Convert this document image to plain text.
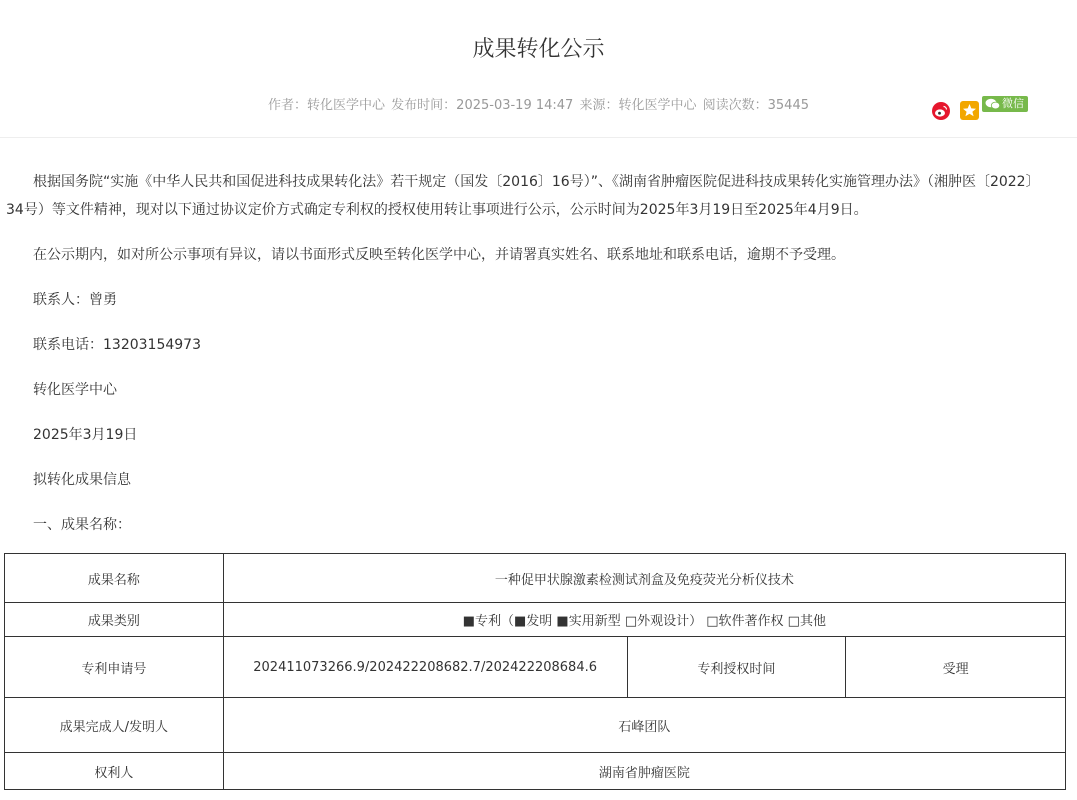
成果转化公示
作者：转化医学中心 发布时间：2025-03-19 14:47 来源：转化医学中心 阅读次数：35445	微信

根据国务院“实施《中华人民共和国促进科技成果转化法》若干规定（国发〔2016〕16号）”、《湖南省肿瘤医院促进科技成果转化实施管理办法》（湘肿医〔2022〕34号）等文件精神，现对以下通过协议定价方式确定专利权的授权使用转让事项进行公示，公示时间为2025年3月19日至2025年4月9日。

在公示期内，如对所公示事项有异议，请以书面形式反映至转化医学中心，并请署真实姓名、联系地址和联系电话，逾期不予受理。

联系人：曾勇

联系电话：13203154973

转化医学中心

2025年3月19日

拟转化成果信息

一、成果名称：

成果名称	一种促甲状腺激素检测试剂盒及免疫荧光分析仪技术		
成果类别	■专利（■发明 ■实用新型 □外观设计） □软件著作权 □其他		
专利申请号	202411073266.9/202422208682.7/202422208684.6	专利授权时间	受理
成果完成人/发明人	石峰团队		
权利人	湖南省肿瘤医院		
